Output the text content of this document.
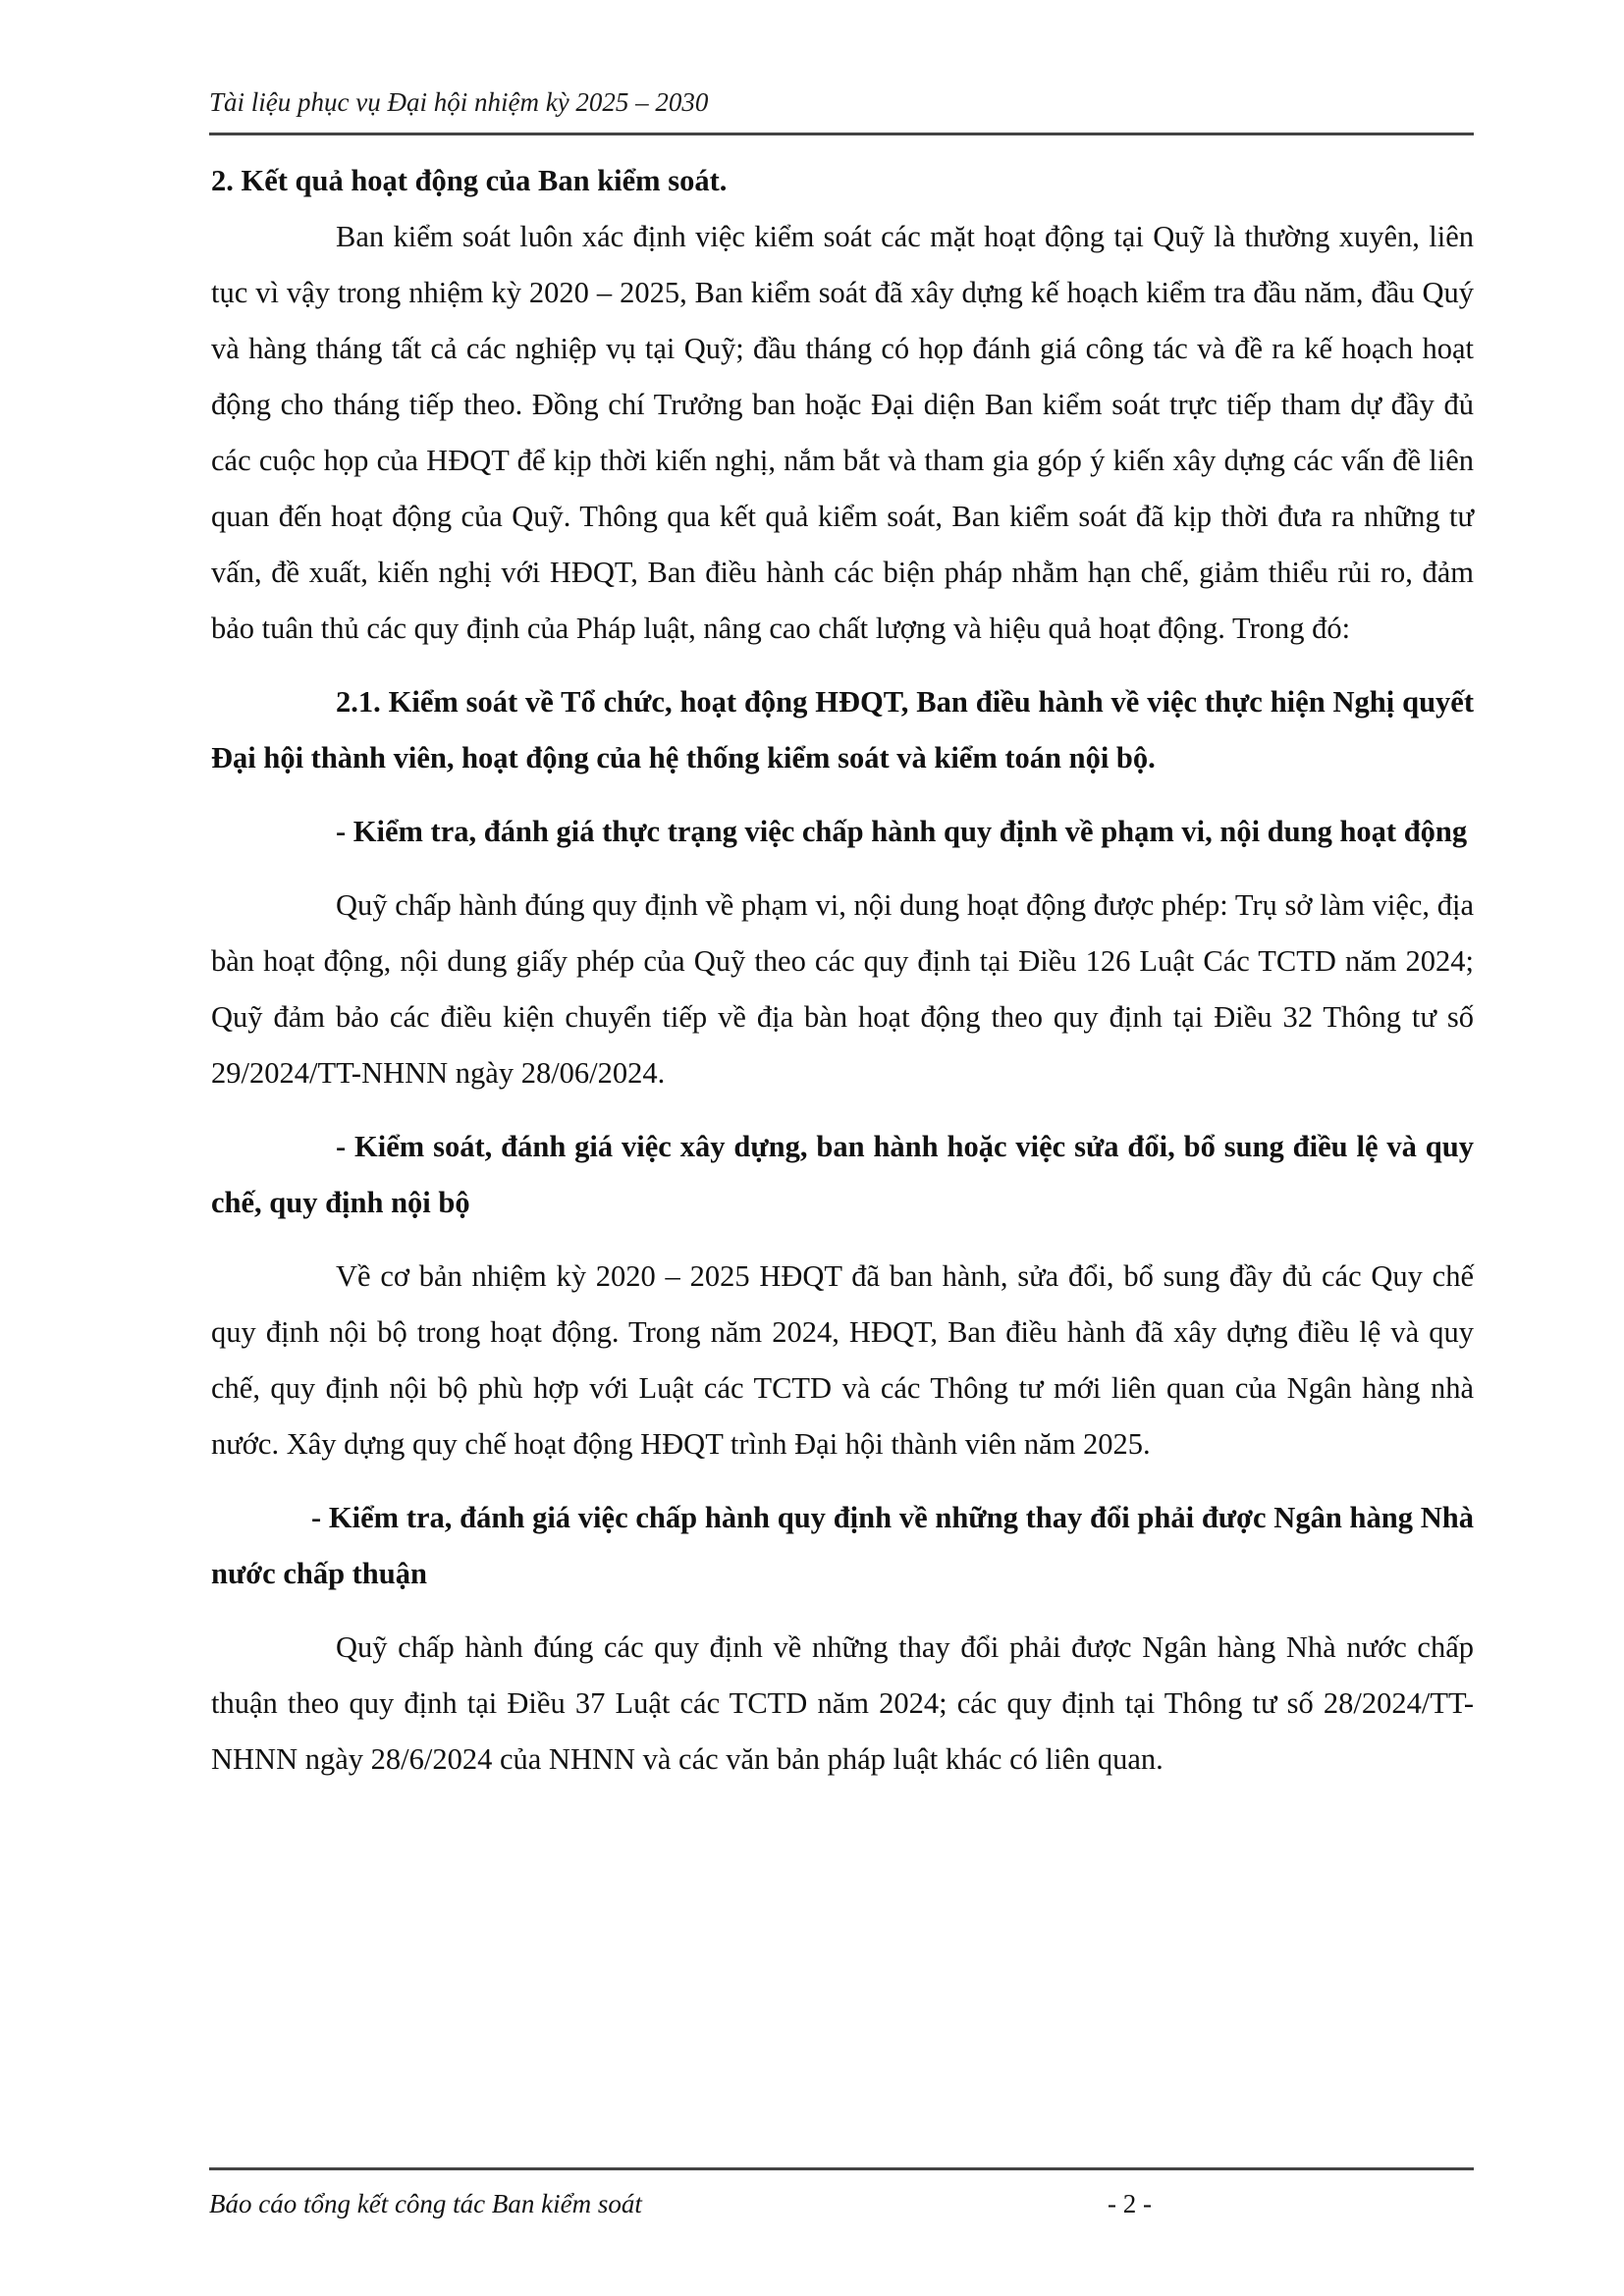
Tài liệu phục vụ Đại hội nhiệm kỳ 2025 – 2030

2. Kết quả hoạt động của Ban kiểm soát.

Ban kiểm soát luôn xác định việc kiểm soát các mặt hoạt động tại Quỹ là thường xuyên, liên tục vì vậy trong nhiệm kỳ 2020 – 2025, Ban kiểm soát đã xây dựng kế hoạch kiểm tra đầu năm, đầu Quý và hàng tháng tất cả các nghiệp vụ tại Quỹ; đầu tháng có họp đánh giá công tác và đề ra kế hoạch hoạt động cho tháng tiếp theo. Đồng chí Trưởng ban hoặc Đại diện Ban kiểm soát trực tiếp tham dự đầy đủ các cuộc họp của HĐQT để kịp thời kiến nghị, nắm bắt và tham gia góp ý kiến xây dựng các vấn đề liên quan đến hoạt động của Quỹ. Thông qua kết quả kiểm soát, Ban kiểm soát đã kịp thời đưa ra những tư vấn, đề xuất, kiến nghị với HĐQT, Ban điều hành các biện pháp nhằm hạn chế, giảm thiểu rủi ro, đảm bảo tuân thủ các quy định của Pháp luật, nâng cao chất lượng và hiệu quả hoạt động. Trong đó:

2.1. Kiểm soát về Tổ chức, hoạt động HĐQT, Ban điều hành về việc thực hiện Nghị quyết Đại hội thành viên, hoạt động của hệ thống kiểm soát và kiểm toán nội bộ.

- Kiểm tra, đánh giá thực trạng việc chấp hành quy định về phạm vi, nội dung hoạt động

Quỹ chấp hành đúng quy định về phạm vi, nội dung hoạt động được phép: Trụ sở làm việc, địa bàn hoạt động, nội dung giấy phép của Quỹ theo các quy định tại Điều 126 Luật Các TCTD năm 2024; Quỹ đảm bảo các điều kiện chuyển tiếp về địa bàn hoạt động theo quy định tại Điều 32 Thông tư số 29/2024/TT-NHNN ngày 28/06/2024.

- Kiểm soát, đánh giá việc xây dựng, ban hành hoặc việc sửa đổi, bổ sung điều lệ và quy chế, quy định nội bộ

Về cơ bản nhiệm kỳ 2020 – 2025 HĐQT đã ban hành, sửa đổi, bổ sung đầy đủ các Quy chế quy định nội bộ trong hoạt động. Trong năm 2024, HĐQT, Ban điều hành đã xây dựng điều lệ và quy chế, quy định nội bộ phù hợp với Luật các TCTD và các Thông tư mới liên quan của Ngân hàng nhà nước. Xây dựng quy chế hoạt động HĐQT trình Đại hội thành viên năm 2025.

- Kiểm tra, đánh giá việc chấp hành quy định về những thay đổi phải được Ngân hàng Nhà nước chấp thuận

Quỹ chấp hành đúng các quy định về những thay đổi phải được Ngân hàng Nhà nước chấp thuận theo quy định tại Điều 37 Luật các TCTD năm 2024; các quy định tại Thông tư số 28/2024/TT-NHNN ngày 28/6/2024 của NHNN và các văn bản pháp luật khác có liên quan.

Báo cáo tổng kết công tác Ban kiểm soát	- 2 -
